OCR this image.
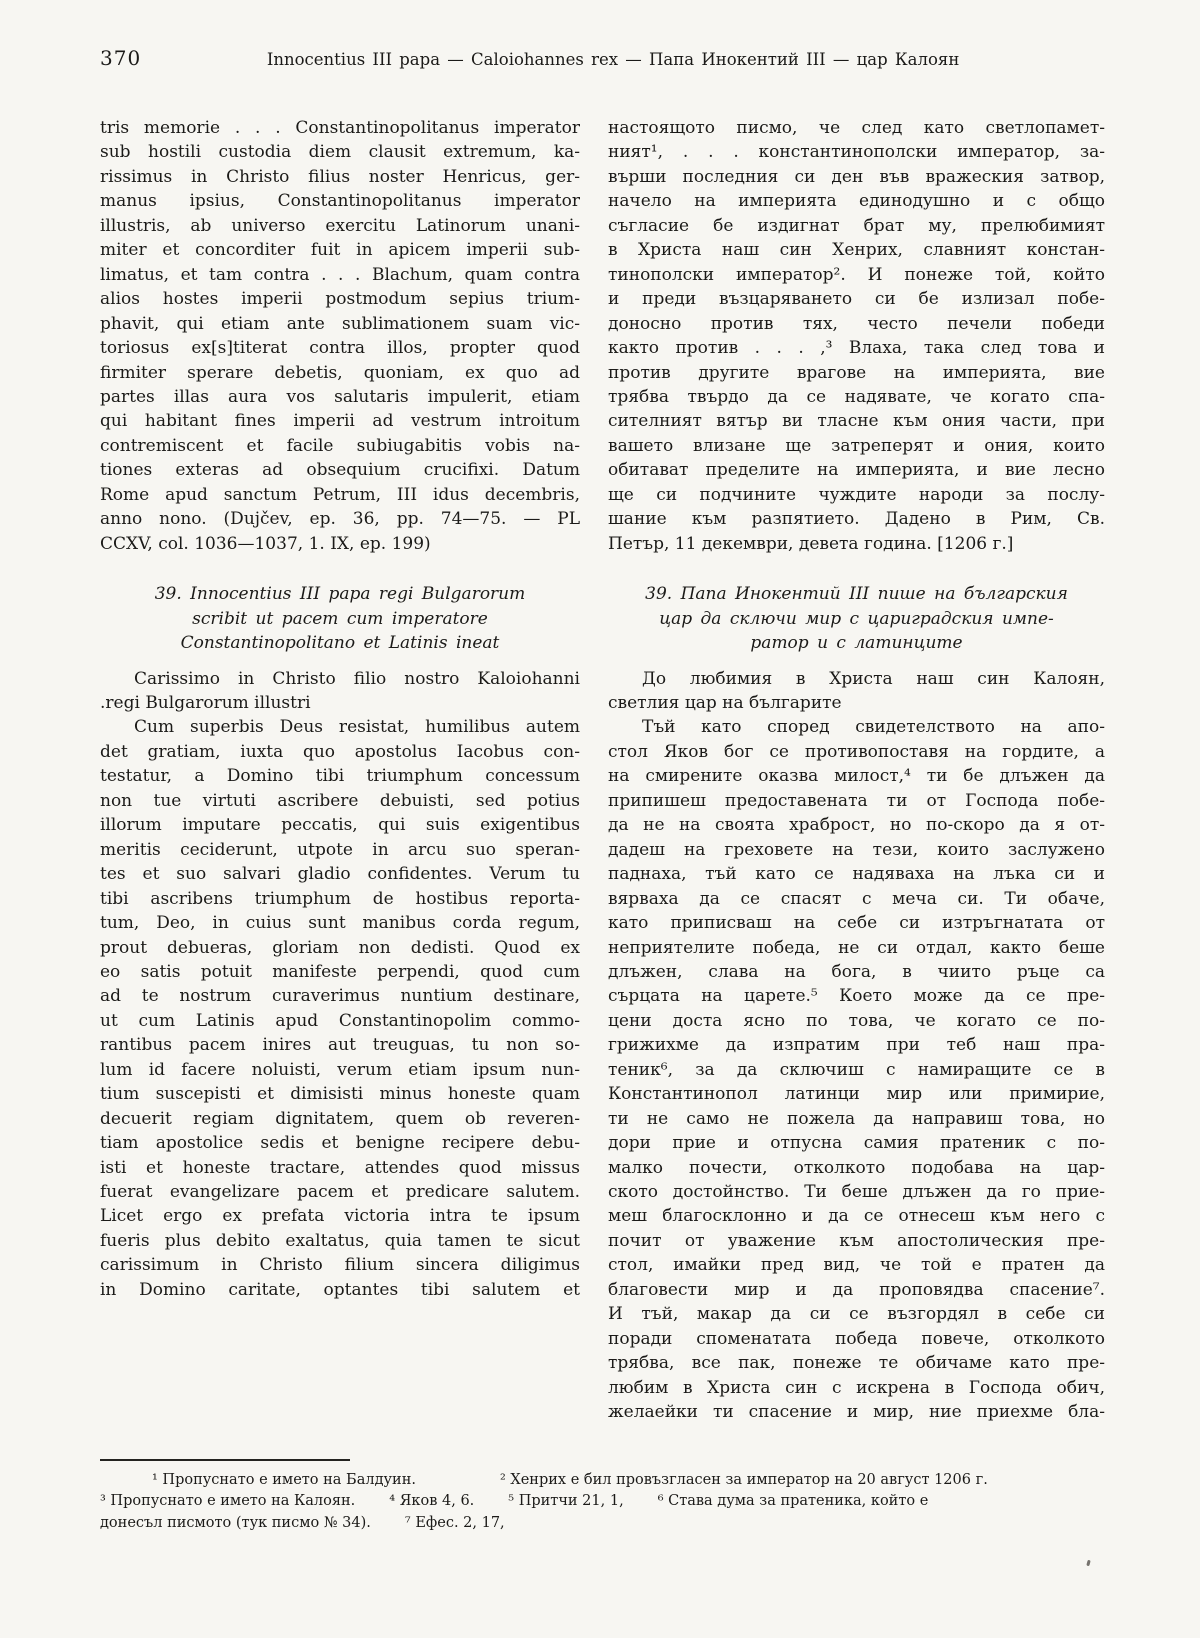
370	Innocentius III papa — Caloiohannes rex — Папа Инокентий III — цар Калоян
tris memorie . . . Constantinopolitanus imperator
sub hostili custodia diem clausit extremum, ka-
rissimus in Christo filius noster Henricus, ger-
manus ipsius, Constantinopolitanus imperator
illustris, ab universo exercitu Latinorum unani-
miter et concorditer fuit in apicem imperii sub-
limatus, et tam contra . . . Blachum, quam contra
alios hostes imperii postmodum sepius trium-
phavit, qui etiam ante sublimationem suam vic-
toriosus ex[s]titerat contra illos, propter quod
firmiter sperare debetis, quoniam, ex quo ad
partes illas aura vos salutaris impulerit, etiam
qui habitant fines imperii ad vestrum introitum
contremiscent et facile subiugabitis vobis na-
tiones exteras ad obsequium crucifixi. Datum
Rome apud sanctum Petrum, III idus decembris,
anno nono. (Dujčev, ep. 36, pp. 74—75. — PL
CCXV, col. 1036—1037, 1. IX, ep. 199)
39. Innocentius III papa regi Bulgarorum
scribit ut pacem cum imperatore
Constantinopolitano et Latinis ineat
Carissimo in Christo filio nostro Kaloiohanni
.regi Bulgarorum illustri
Cum superbis Deus resistat, humilibus autem
det gratiam, iuxta quo apostolus Iacobus con-
testatur, a Domino tibi triumphum concessum
non tue virtuti ascribere debuisti, sed potius
illorum imputare peccatis, qui suis exigentibus
meritis ceciderunt, utpote in arcu suo speran-
tes et suo salvari gladio confidentes. Verum tu
tibi ascribens triumphum de hostibus reporta-
tum, Deo, in cuius sunt manibus corda regum,
prout debueras, gloriam non dedisti. Quod ex
eo satis potuit manifeste perpendi, quod cum
ad te nostrum curaverimus nuntium destinare,
ut cum Latinis apud Constantinopolim commo-
rantibus pacem inires aut treuguas, tu non so-
lum id facere noluisti, verum etiam ipsum nun-
tium suscepisti et dimisisti minus honeste quam
decuerit regiam dignitatem, quem ob reveren-
tiam apostolice sedis et benigne recipere debu-
isti et honeste tractare, attendes quod missus
fuerat evangelizare pacem et predicare salutem.
Licet ergo ex prefata victoria intra te ipsum
fueris plus debito exaltatus, quia tamen te sicut
carissimum in Christo filium sincera diligimus
in Domino caritate, optantes tibi salutem et
настоящото писмо, че след като светлопамет-
ният¹, . . . константинополски император, за-
върши последния си ден във вражеския затвор,
начело на империята единодушно и с общо
съгласие бе издигнат брат му, прелюбимият
в Христа наш син Хенрих, славният констан-
тинополски император². И понеже той, който
и преди възцаряването си бе излизал побе-
доносно против тях, често печели победи
както против . . . ,³ Влаха, така след това и
против другите врагове на империята, вие
трябва твърдо да се надявате, че когато спа-
сителният вятър ви тласне към ония части, при
вашето влизане ще затреперят и ония, които
обитават пределите на империята, и вие лесно
ще си подчините чуждите народи за послу-
шание към разпятието. Дадено в Рим, Св.
Петър, 11 декември, девета година. [1206 г.]
39. Папа Инокентий III пише на българския
цар да сключи мир с цариградския импе-
ратор и с латинците
До любимия в Христа наш син Калоян,
светлия цар на българите
Тъй като според свидетелството на апо-
стол Яков бог се противопоставя на гордите, а
на смирените оказва милост,⁴ ти бе длъжен да
припишеш предоставената ти от Господа побе-
да не на своята храброст, но по-скоро да я от-
дадеш на греховете на тези, които заслужено
паднаха, тъй като се надяваха на лъка си и
вярваха да се спасят с меча си. Ти обаче,
като приписваш на себе си изтръгнатата от
неприятелите победа, не си отдал, както беше
длъжен, слава на бога, в чиито ръце са
сърцата на царете.⁵ Което може да се пре-
цени доста ясно по това, че когато се по-
грижихме да изпратим при теб наш пра-
теник⁶, за да сключиш с намиращите се в
Константинопол латинци мир или примирие,
ти не само не пожела да направиш това, но
дори прие и отпусна самия пратеник с по-
малко почести, отколкото подобава на цар-
ското достойнство. Ти беше длъжен да го прие-
меш благосклонно и да се отнесеш към него с
почит от уважение към апостолическия пре-
стол, имайки пред вид, че той е пратен да
благовести мир и да проповядва спасение⁷.
И тъй, макар да си се възгордял в себе си
поради споменатата победа повече, отколкото
трябва, все пак, понеже те обичаме като пре-
любим в Христа син с искрена в Господа обич,
желаейки ти спасение и мир, ние приехме бла-
¹ Пропуснато е името на Балдуин.	² Хенрих е бил провъзгласен за император на 20 август 1206 г.
³ Пропуснато е името на Калоян. ⁴ Яков 4, 6. ⁵ Притчи 21, 1, ⁶ Става дума за пратеника, който е
донесъл писмото (тук писмо № 34). ⁷ Ефес. 2, 17,
